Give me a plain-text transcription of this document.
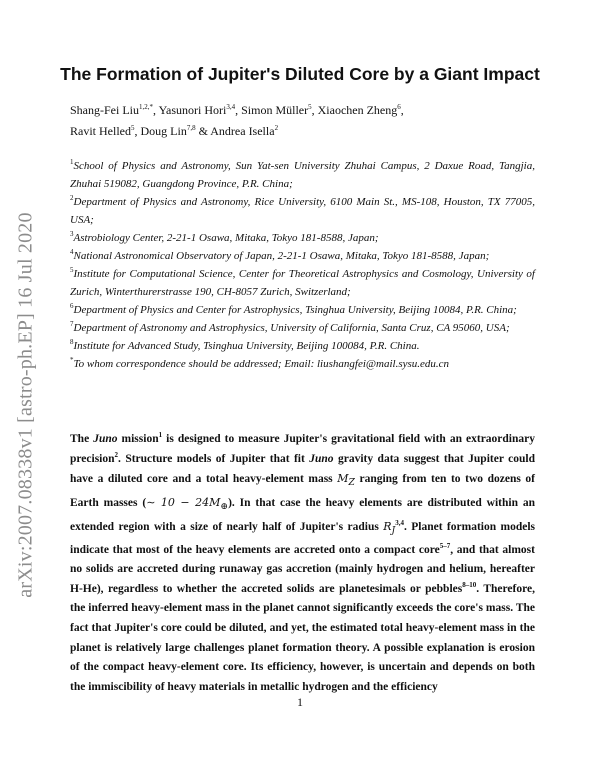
arXiv:2007.08338v1 [astro-ph.EP] 16 Jul 2020
The Formation of Jupiter's Diluted Core by a Giant Impact
Shang-Fei Liu$^{1,2,*}$, Yasunori Hori$^{3,4}$, Simon Müller$^5$, Xiaochen Zheng$^6$,
Ravit Helled$^5$, Doug Lin$^{7,8}$ & Andrea Isella$^2$

$^1$School of Physics and Astronomy, Sun Yat-sen University Zhuhai Campus, 2 Daxue Road, Tangjia, Zhuhai 519082, Guangdong Province, P.R. China;

$^2$Department of Physics and Astronomy, Rice University, 6100 Main St., MS-108, Houston, TX 77005, USA;

$^3$Astrobiology Center, 2-21-1 Osawa, Mitaka, Tokyo 181-8588, Japan;

$^4$National Astronomical Observatory of Japan, 2-21-1 Osawa, Mitaka, Tokyo 181-8588, Japan;

$^5$Institute for Computational Science, Center for Theoretical Astrophysics and Cosmology, University of Zurich, Winterthurerstrasse 190, CH-8057 Zurich, Switzerland;

$^6$Department of Physics and Center for Astrophysics, Tsinghua University, Beijing 10084, P.R. China;

$^7$Department of Astronomy and Astrophysics, University of California, Santa Cruz, CA 95060, USA;

$^8$Institute for Advanced Study, Tsinghua University, Beijing 100084, P.R. China.

*To whom correspondence should be addressed; Email: liushangfei@mail.sysu.edu.cn

The Juno mission$^1$ is designed to measure Jupiter's gravitational field with an extraordinary precision$^2$. Structure models of Jupiter that fit Juno gravity data suggest that Jupiter could have a diluted core and a total heavy-element mass $M_Z$ ranging from ten to two dozens of Earth masses (∼ $10 - 24M_\oplus$). In that case the heavy elements are distributed within an extended region with a size of nearly half of Jupiter's radius $R_J^{3,4}$. Planet formation models indicate that most of the heavy elements are accreted onto a compact core$^{5-7}$, and that almost no solids are accreted during runaway gas accretion (mainly hydrogen and helium, hereafter H-He), regardless to whether the accreted solids are planetesimals or pebbles$^{8-10}$. Therefore, the inferred heavy-element mass in the planet cannot significantly exceeds the core's mass. The fact that Jupiter's core could be diluted, and yet, the estimated total heavy-element mass in the planet is relatively large challenges planet formation theory. A possible explanation is erosion of the compact heavy-element core. Its efficiency, however, is uncertain and depends on both the immiscibility of heavy materials in metallic hydrogen and the efficiency
1
